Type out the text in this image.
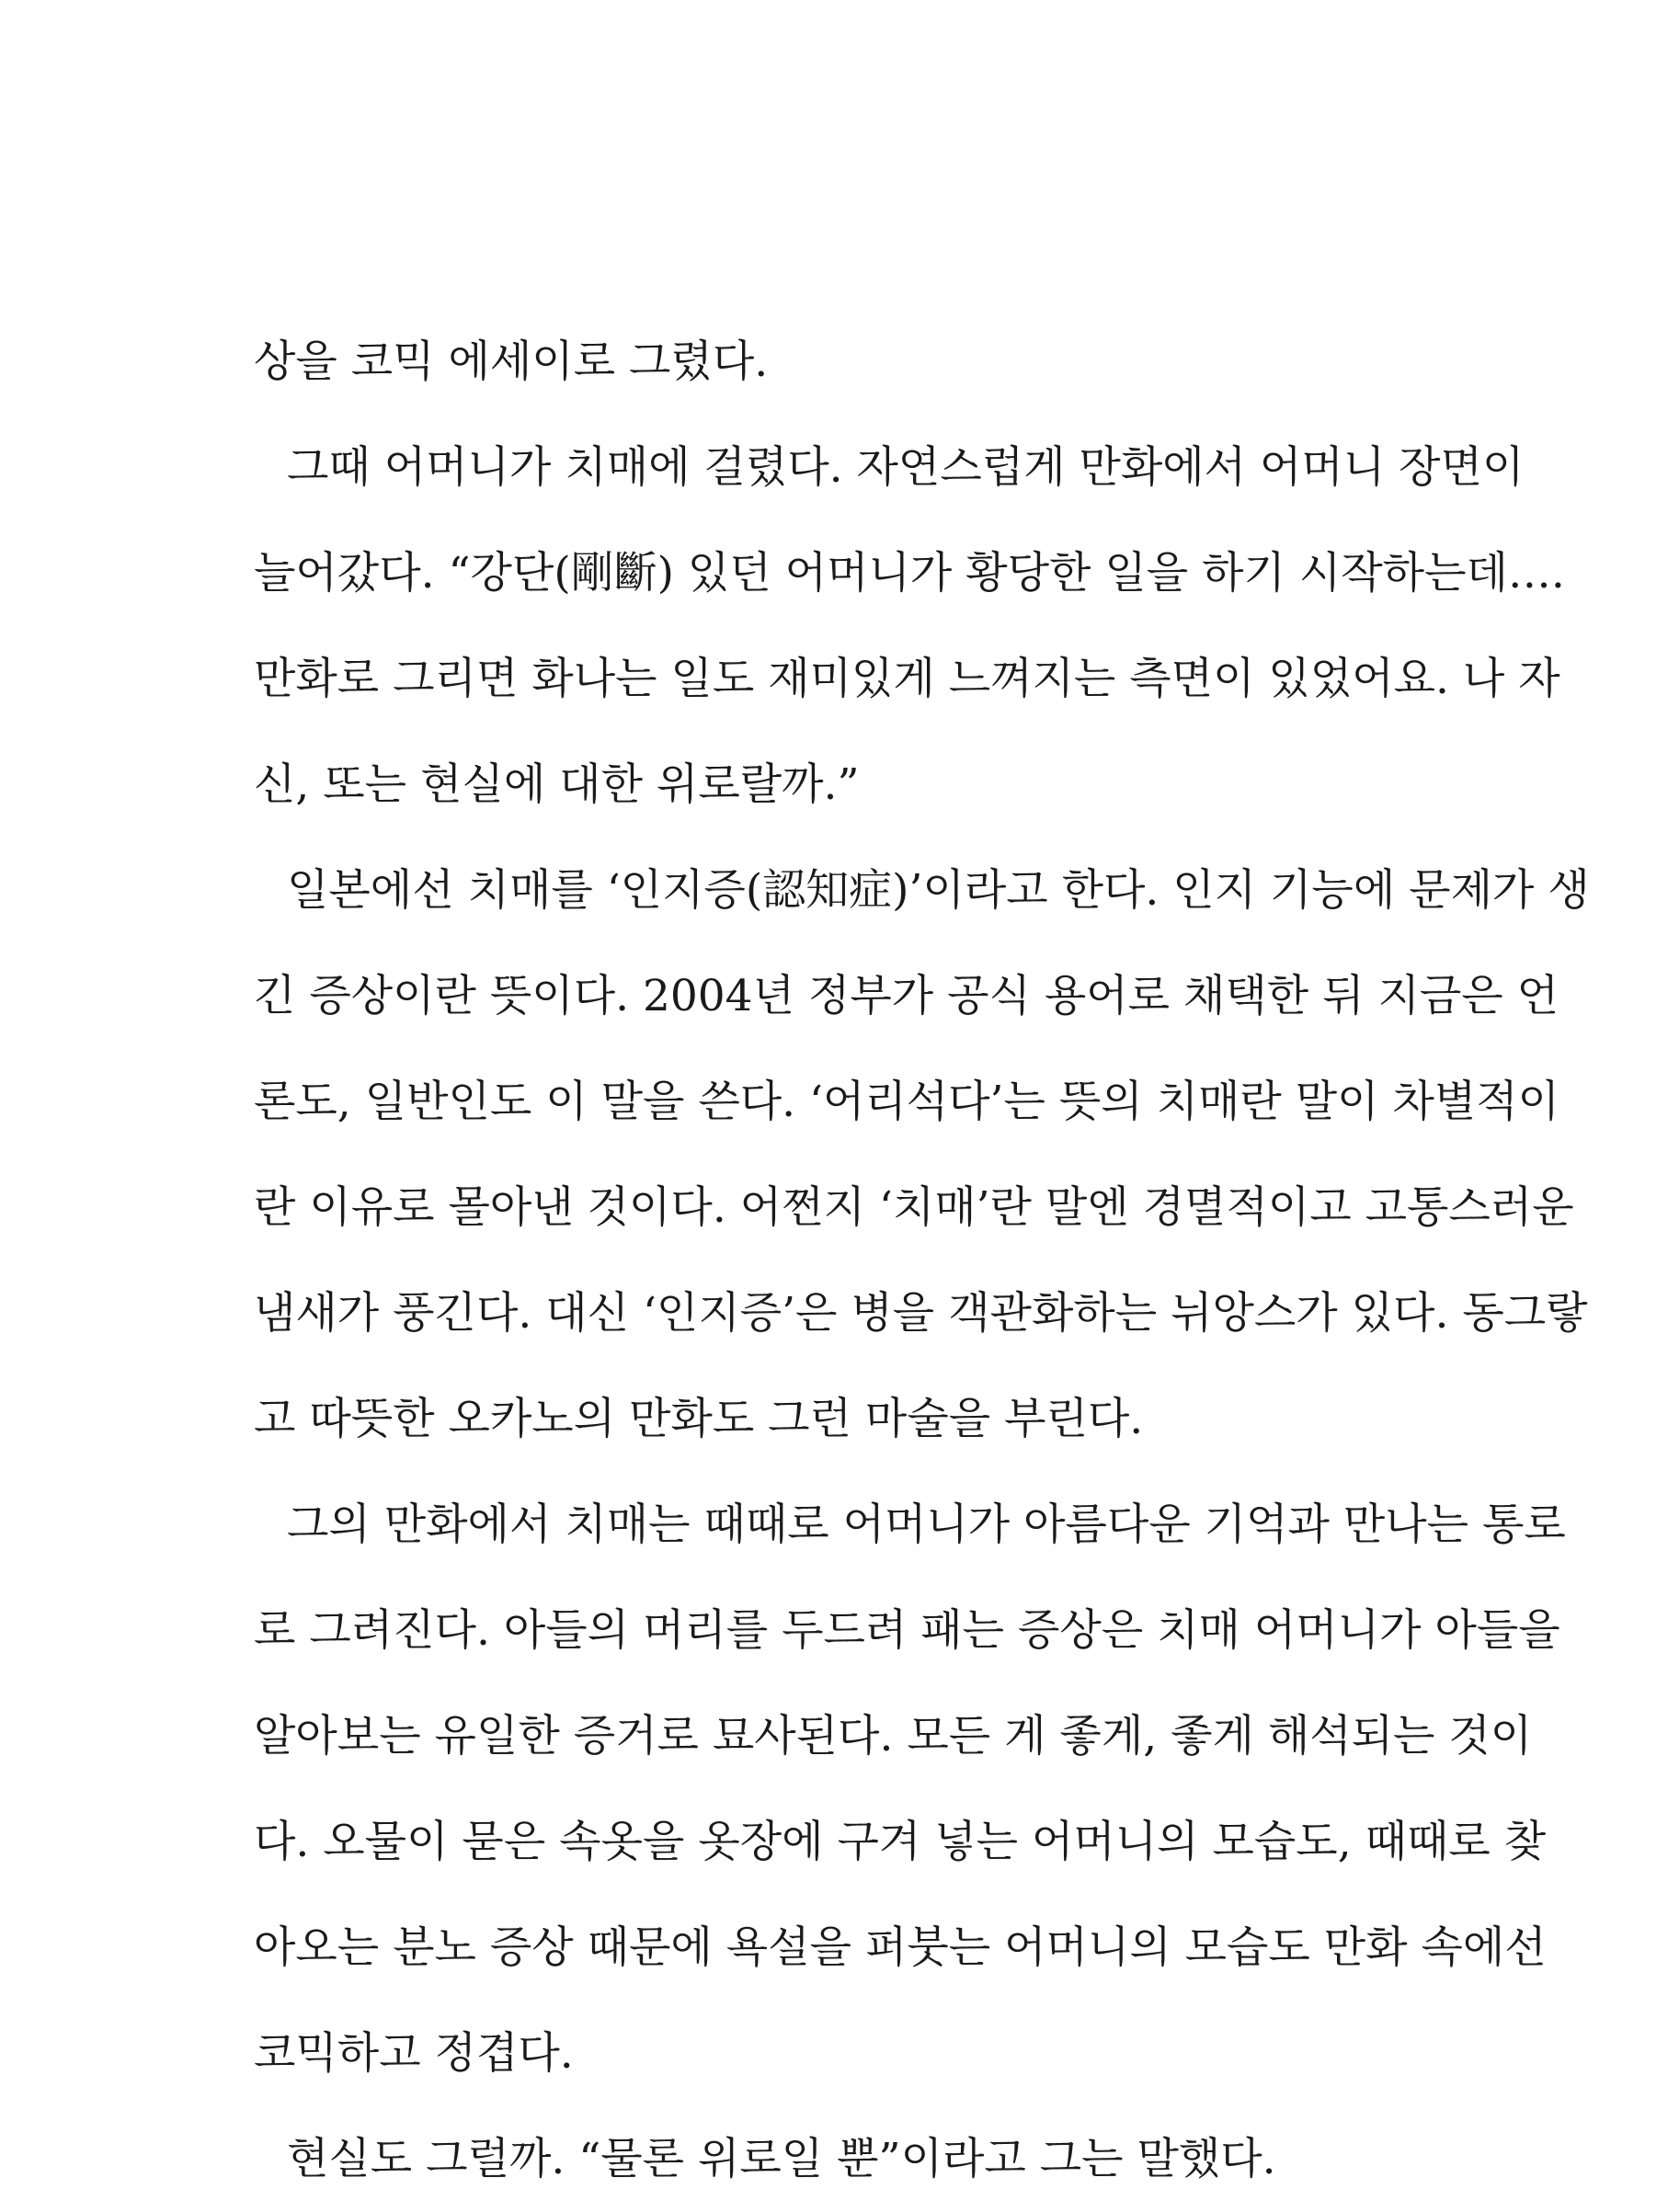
상을 코믹 에세이로 그렸다.
그때 어머니가 치매에 걸렸다. 자연스럽게 만화에서 어머니 장면이
늘어갔다. “강단(剛斷) 있던 어머니가 황당한 일을 하기 시작하는데….
만화로 그리면 화나는 일도 재미있게 느껴지는 측면이 있었어요. 나 자
신, 또는 현실에 대한 위로랄까.”
일본에선 치매를 ‘인지증(認知症)’이라고 한다. 인지 기능에 문제가 생
긴 증상이란 뜻이다. 2004년 정부가 공식 용어로 채택한 뒤 지금은 언
론도, 일반인도 이 말을 쓴다. ‘어리석다’는 뜻의 치매란 말이 차별적이
란 이유로 몰아낸 것이다. 어쩐지 ‘치매’란 말엔 경멸적이고 고통스러운
냄새가 풍긴다. 대신 ‘인지증’은 병을 객관화하는 뉘앙스가 있다. 동그랗
고 따뜻한 오카노의 만화도 그런 마술을 부린다.
그의 만화에서 치매는 때때로 어머니가 아름다운 기억과 만나는 통로
로 그려진다. 아들의 머리를 두드려 패는 증상은 치매 어머니가 아들을
알아보는 유일한 증거로 묘사된다. 모든 게 좋게, 좋게 해석되는 것이
다. 오물이 묻은 속옷을 옷장에 구겨 넣는 어머니의 모습도, 때때로 찾
아오는 분노 증상 때문에 욕설을 퍼붓는 어머니의 모습도 만화 속에선
코믹하고 정겹다.
현실도 그럴까. “물론 위로일 뿐”이라고 그는 말했다.
